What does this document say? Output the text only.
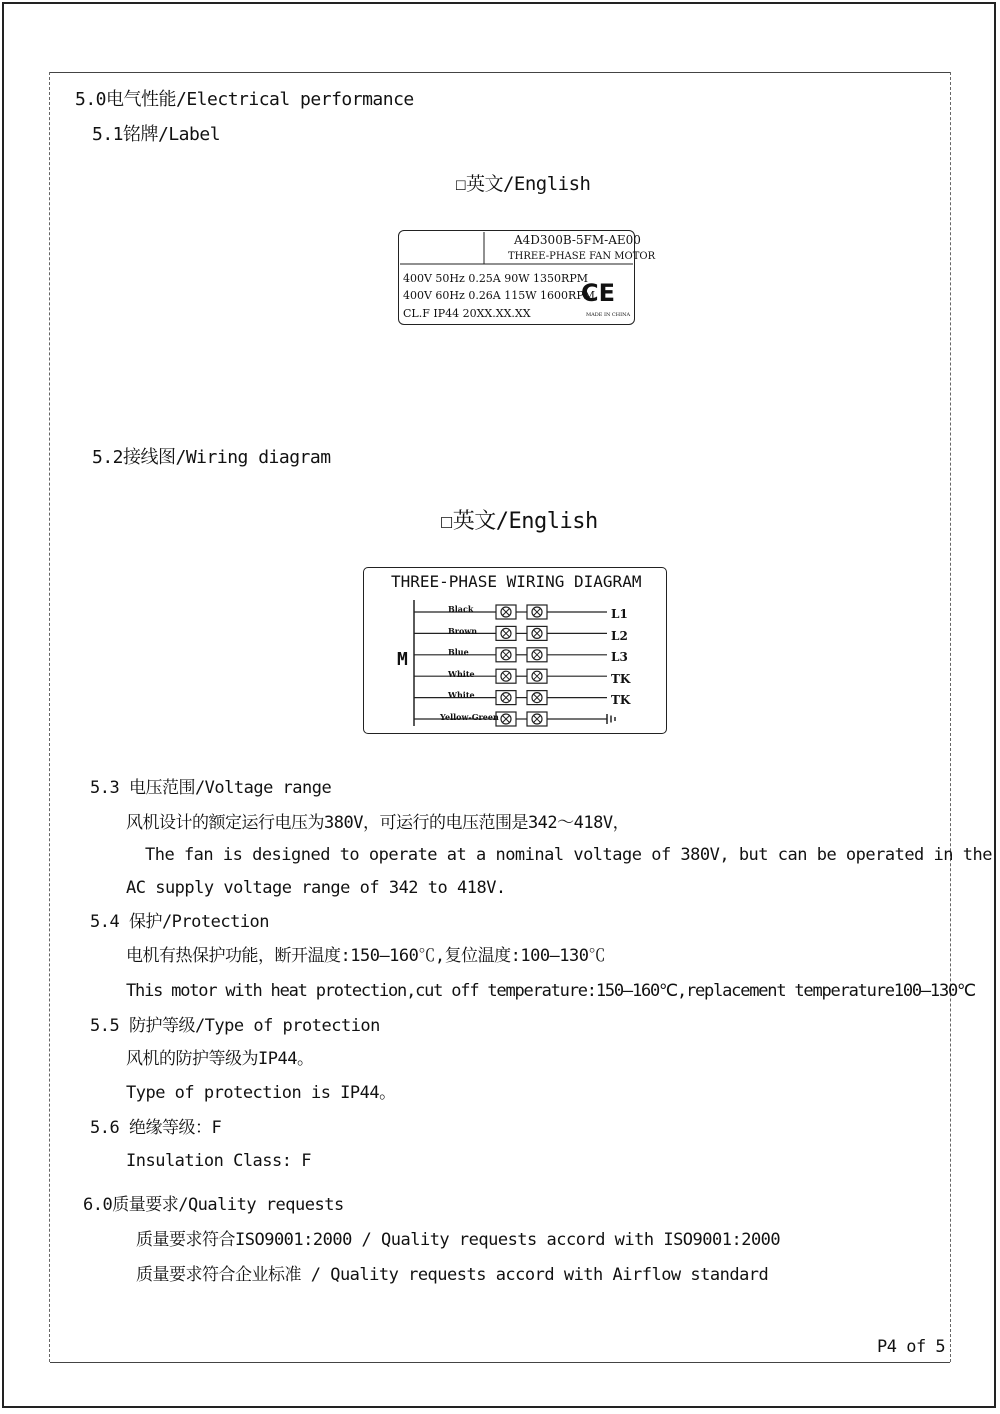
5.0电气性能/Electrical performance
5.1铭牌/Label
☐英文/English
A4D300B-5FM-AE00
THREE-PHASE FAN MOTOR
400V 50Hz 0.25A 90W 1350RPM
400V 60Hz 0.26A 115W 1600RPM
CL.F IP44 20XX.XX.XX
CE
MADE IN CHINA
5.2接线图/Wiring diagram
☐英文/English
THREE-PHASE WIRING DIAGRAM
M
Black
Brown
Blue
White
White
Yellow-Green
L1
L2
L3
TK
TK
5.3 电压范围/Voltage range
风机设计的额定运行电压为380V，可运行的电压范围是342～418V，
The fan is designed to operate at a nominal voltage of 380V, but can be operated in the
AC supply voltage range of 342 to 418V.
5.4 保护/Protection
电机有热保护功能，断开温度:150—160℃,复位温度:100—130℃
This motor with heat protection,cut off temperature:150—160℃,replacement temperature100—130℃
5.5 防护等级/Type of protection
风机的防护等级为IP44。
Type of protection is IP44。
5.6 绝缘等级：F
Insulation Class: F
6.0质量要求/Quality requests
质量要求符合ISO9001:2000 / Quality requests accord with ISO9001:2000
质量要求符合企业标准 / Quality requests accord with Airflow standard
P4 of 5
